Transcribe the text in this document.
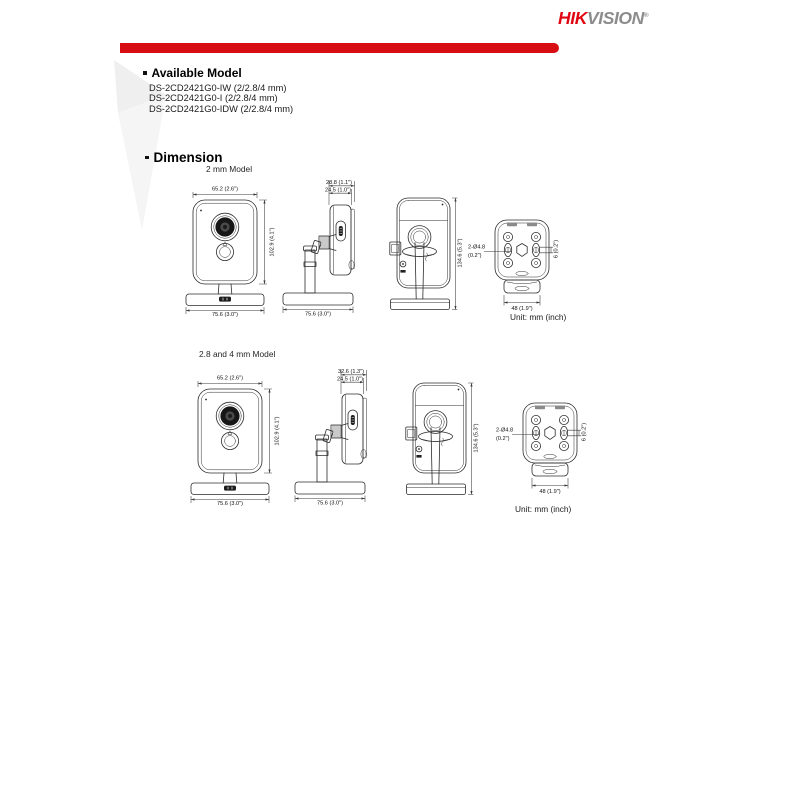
HIKVISION®
Available Model
DS-2CD2421G0-IW (2/2.8/4 mm)
DS-2CD2421G0-I (2/2.8/4 mm)
DS-2CD2421G0-IDW (2/2.8/4 mm)
Dimension
2 mm Model
65.2 (2.6")
102.9 (4.1")
75.6 (3.0")
28.8 (1.1")
24.5 (1.0")
75.6 (3.0")
134.6 (5.3") 2-Ø4.8
(0.2")	6 (0.2")
48 (1.9")
Unit: mm (inch)
2.8 and 4 mm Model
65.2 (2.6")
102.9 (4.1")
75.6 (3.0")
32.6 (1.3")
24.5 (1.0")
75.6 (3.0")
134.6 (5.3")	2-Ø4.8
(0.2")	6 (0.2")
48 (1.9")
Unit: mm (inch)
